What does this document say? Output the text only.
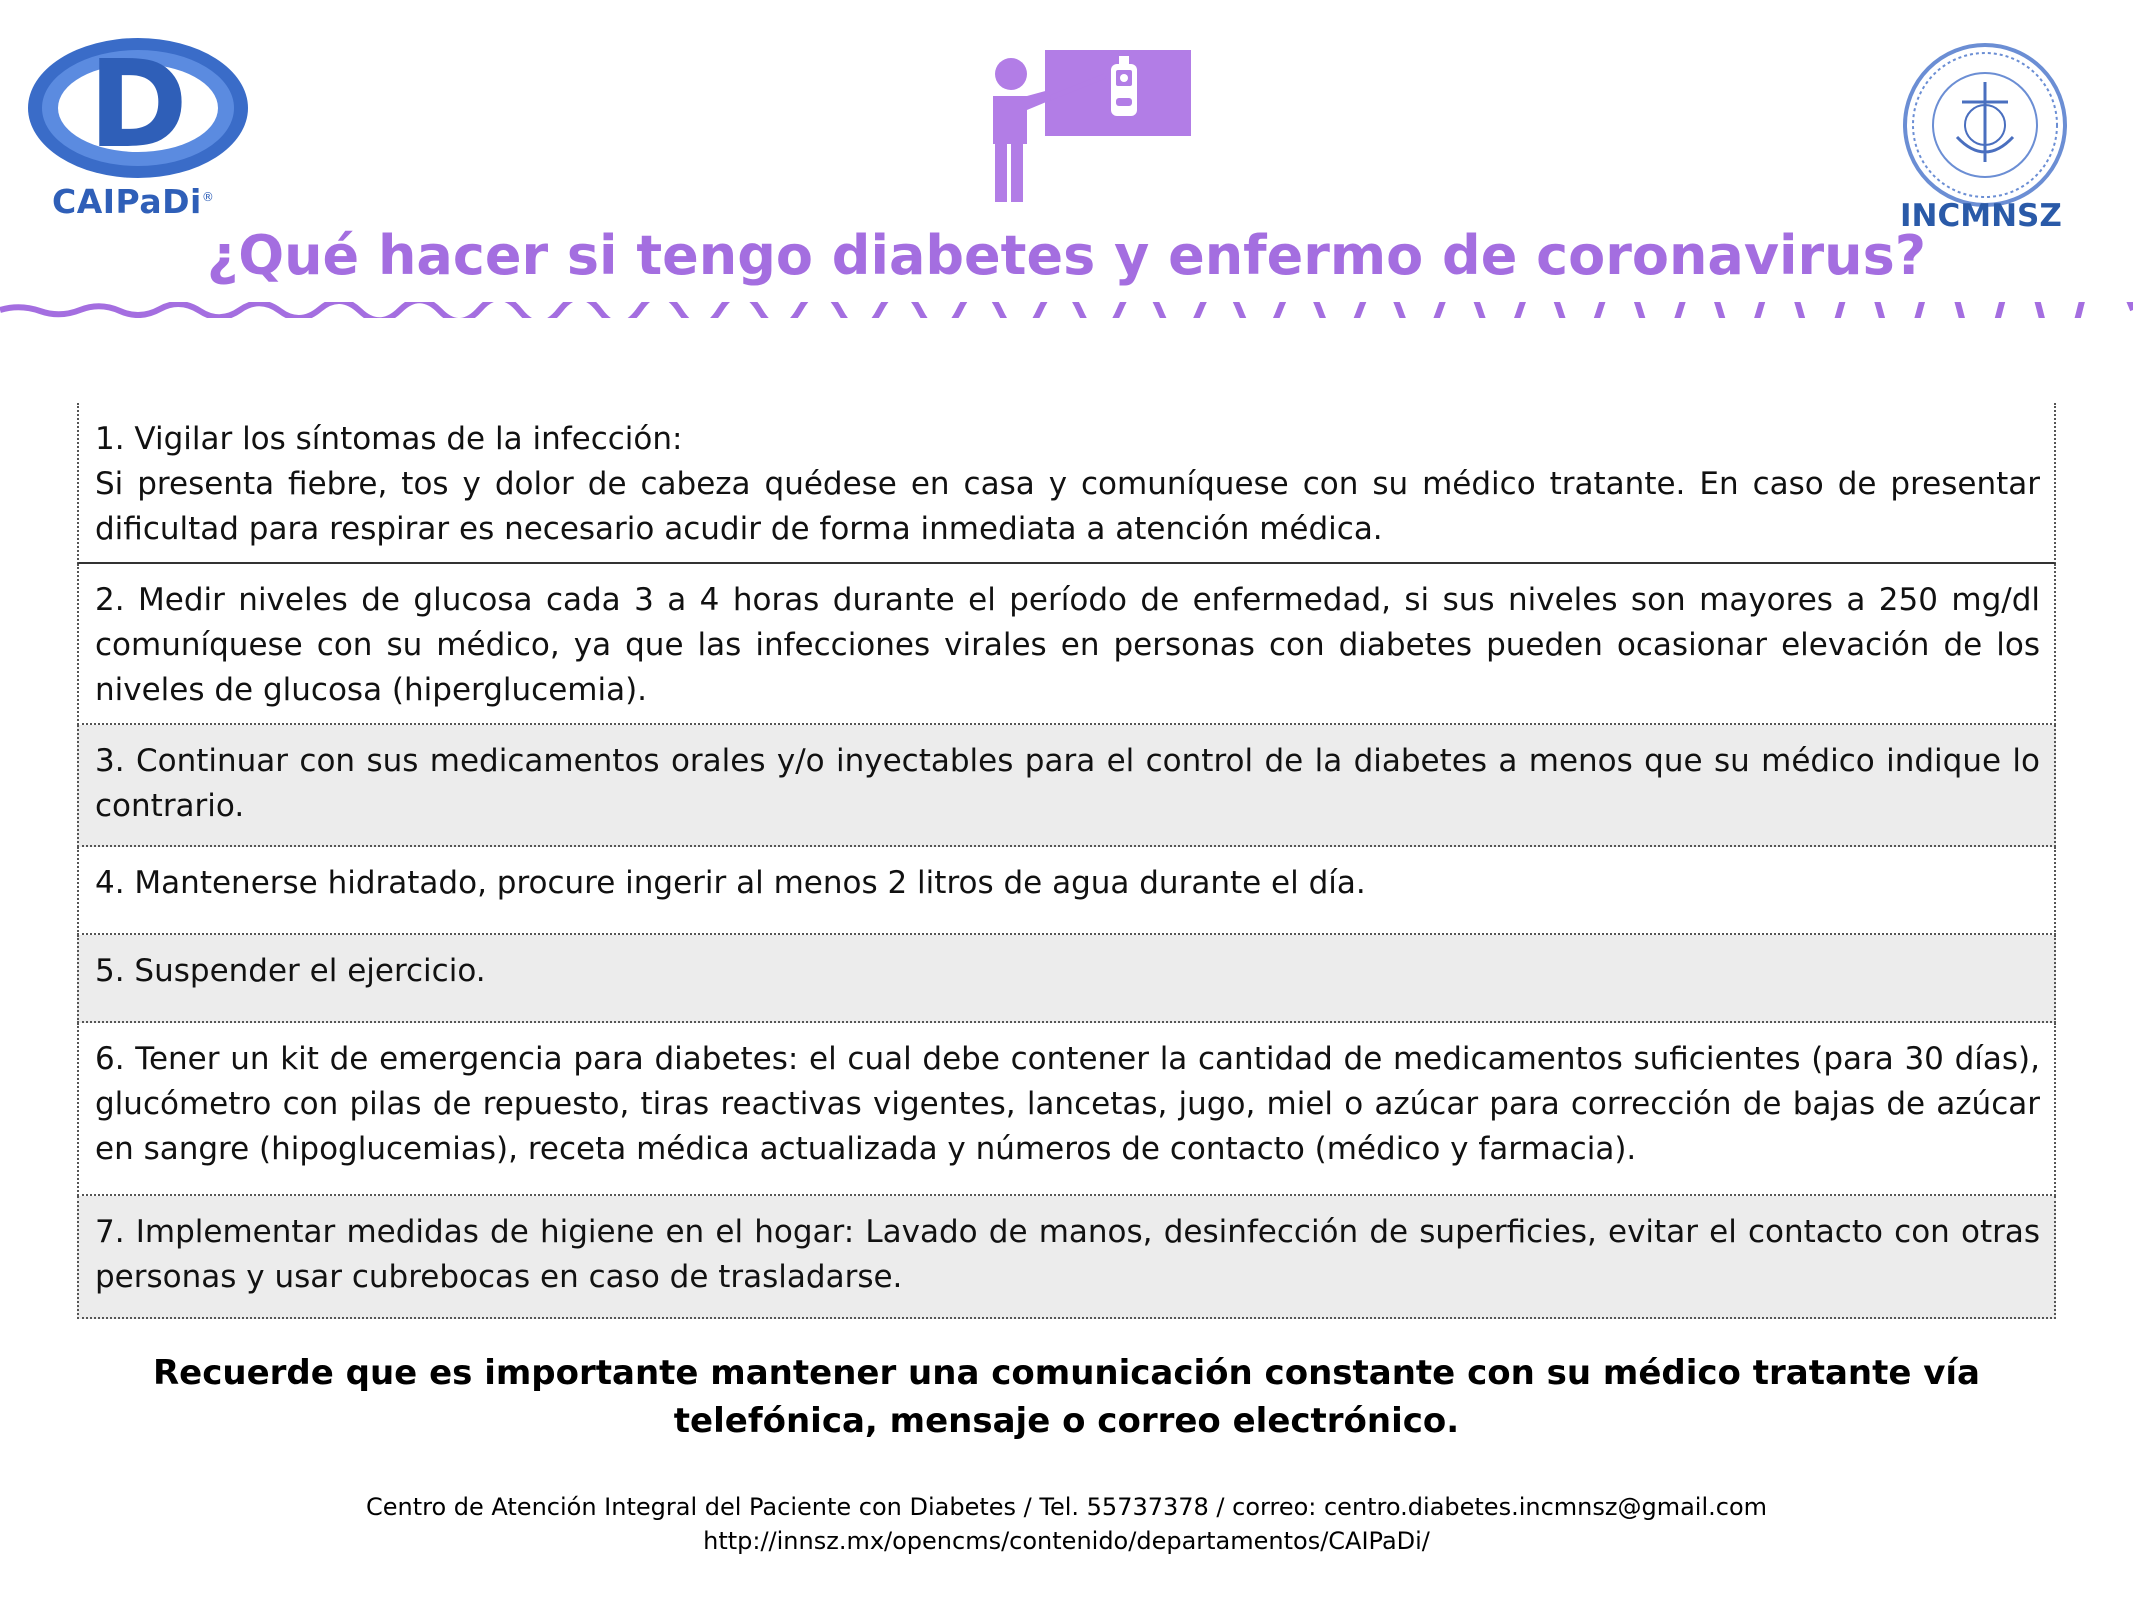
D
CAIPaDi®
INCMNSZ
¿Qué hacer si tengo diabetes y enfermo de coronavirus?

1. Vigilar los síntomas de la infección:

Si presenta fiebre, tos y dolor de cabeza quédese en casa y comuníquese con su médico tratante. En caso de presentar dificultad para respirar es necesario acudir de forma inmediata a atención médica.

2. Medir niveles de glucosa cada 3 a 4 horas durante el período de enfermedad, si sus niveles son mayores a 250 mg/dl comuníquese con su médico, ya que las infecciones virales en personas con diabetes pueden ocasionar elevación de los niveles de glucosa (hiperglucemia).

3. Continuar con sus medicamentos orales y/o inyectables para el control de la diabetes a menos que su médico indique lo contrario.

4. Mantenerse hidratado, procure ingerir al menos 2 litros de agua durante el día.

5. Suspender el ejercicio.

6. Tener un kit de emergencia para diabetes: el cual debe contener la cantidad de medicamentos suficientes (para 30 días), glucómetro con pilas de repuesto, tiras reactivas vigentes, lancetas, jugo, miel o azúcar para corrección de bajas de azúcar en sangre (hipoglucemias), receta médica actualizada y números de contacto (médico y farmacia).

7. Implementar medidas de higiene en el hogar: Lavado de manos, desinfección de superficies, evitar el contacto con otras personas y usar cubrebocas en caso de trasladarse.

Recuerde que es importante mantener una comunicación constante con su médico tratante vía telefónica, mensaje o correo electrónico.
Centro de Atención Integral del Paciente con Diabetes / Tel. 55737378 / correo: centro.diabetes.incmnsz@gmail.com
http://innsz.mx/opencms/contenido/departamentos/CAIPaDi/
